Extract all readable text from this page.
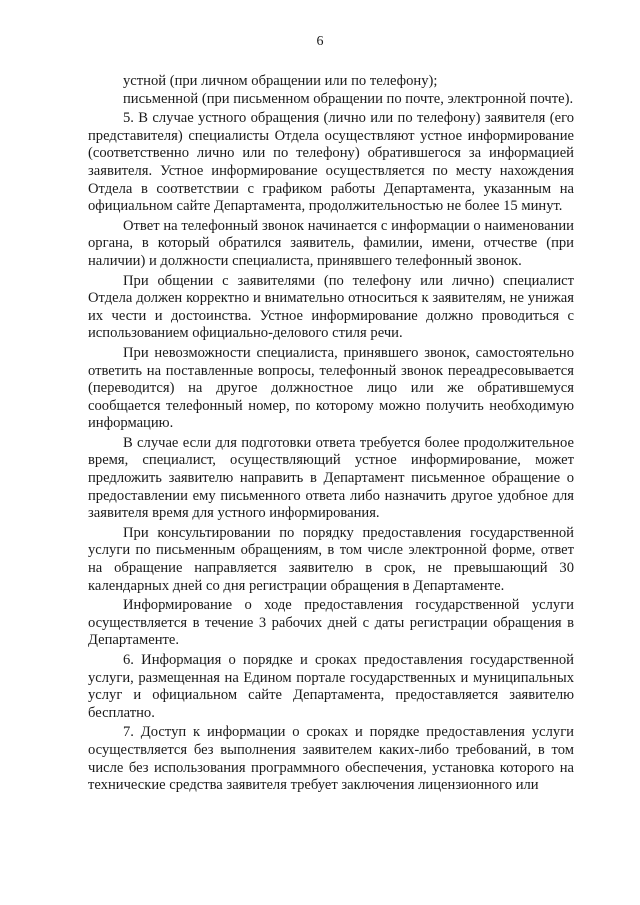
6

устной (при личном обращении или по телефону);

письменной (при письменном обращении по почте, электронной почте).

5. В случае устного обращения (лично или по телефону) заявителя (его представителя) специалисты Отдела осуществляют устное информирование (соответственно лично или по телефону) обратившегося за информацией заявителя. Устное информирование осуществляется по месту нахождения Отдела в соответствии с графиком работы Департамента, указанным на официальном сайте Департамента, продолжительностью не более 15 минут.

Ответ на телефонный звонок начинается с информации о наименовании органа, в который обратился заявитель, фамилии, имени, отчестве (при наличии) и должности специалиста, принявшего телефонный звонок.

При общении с заявителями (по телефону или лично) специалист Отдела должен корректно и внимательно относиться к заявителям, не унижая их чести и достоинства. Устное информирование должно проводиться с использованием официально-делового стиля речи.

При невозможности специалиста, принявшего звонок, самостоятельно ответить на поставленные вопросы, телефонный звонок переадресовывается (переводится) на другое должностное лицо или же обратившемуся сообщается телефонный номер, по которому можно получить необходимую информацию.

В случае если для подготовки ответа требуется более продолжительное время, специалист, осуществляющий устное информирование, может предложить заявителю направить в Департамент письменное обращение о предоставлении ему письменного ответа либо назначить другое удобное для заявителя время для устного информирования.

При консультировании по порядку предоставления государственной услуги по письменным обращениям, в том числе электронной форме, ответ на обращение направляется заявителю в срок, не превышающий 30 календарных дней со дня регистрации обращения в Департаменте.

Информирование о ходе предоставления государственной услуги осуществляется в течение 3 рабочих дней с даты регистрации обращения в Департаменте.

6. Информация о порядке и сроках предоставления государственной услуги, размещенная на Едином портале государственных и муниципальных услуг и официальном сайте Департамента, предоставляется заявителю бесплатно.

7. Доступ к информации о сроках и порядке предоставления услуги осуществляется без выполнения заявителем каких-либо требований, в том числе без использования программного обеспечения, установка которого на технические средства заявителя требует заключения лицензионного или
